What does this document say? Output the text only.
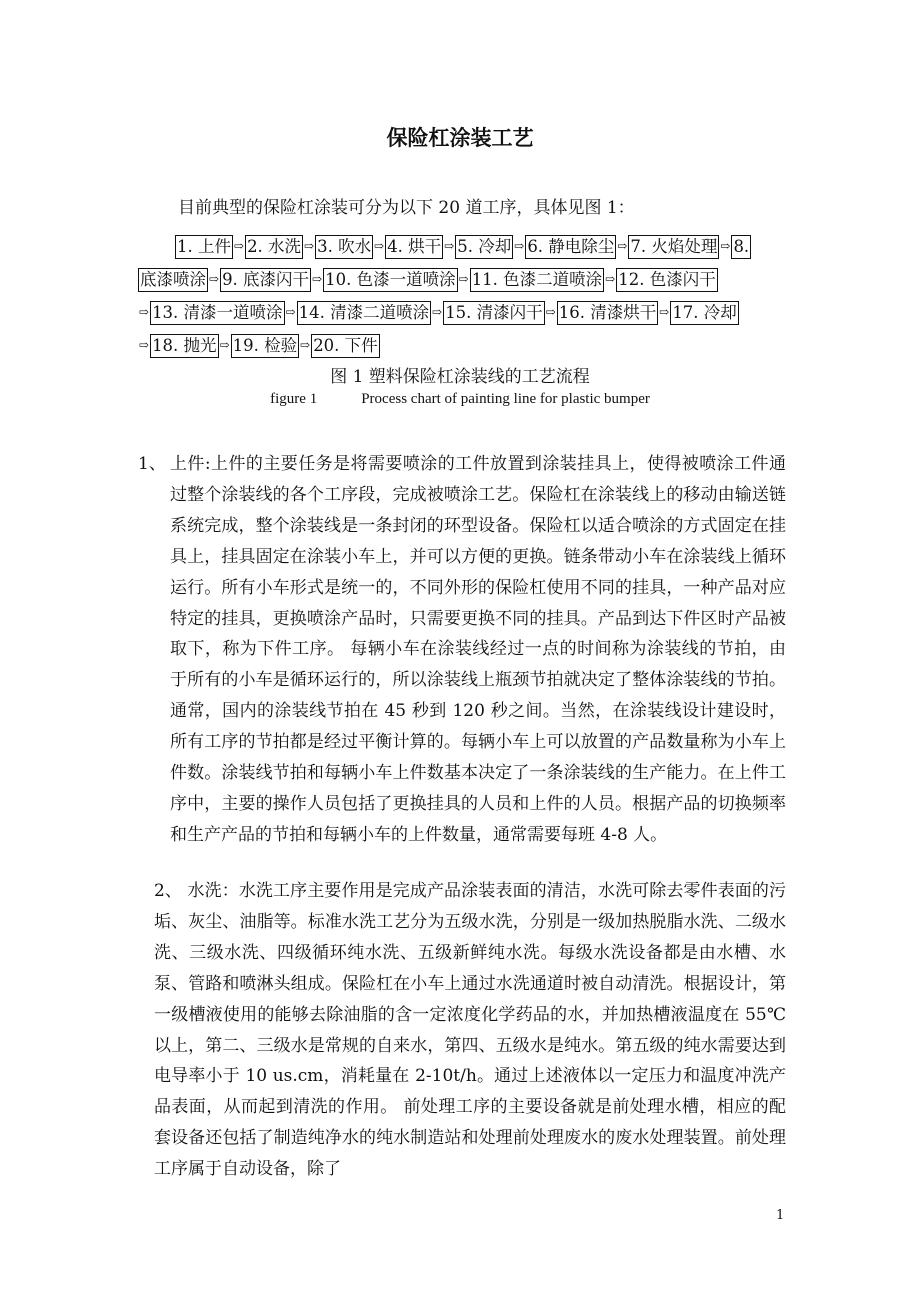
保险杠涂装工艺
目前典型的保险杠涂装可分为以下 20 道工序，具体见图 1：
1. 上件 ⇨ 2. 水洗 ⇨ 3. 吹水 ⇨ 4. 烘干 ⇨ 5. 冷却 ⇨ 6. 静电除尘 ⇨ 7. 火焰处理 ⇨ 8.
底漆喷涂 ⇨ 9. 底漆闪干 ⇨ 10. 色漆一道喷涂 ⇨ 11. 色漆二道喷涂 ⇨ 12. 色漆闪干
⇨ 13. 清漆一道喷涂 ⇨ 14. 清漆二道喷涂 ⇨ 15. 清漆闪干 ⇨ 16. 清漆烘干 ⇨ 17. 冷却
⇨ 18. 抛光 ⇨ 19. 检验 ⇨ 20. 下件
图 1 塑料保险杠涂装线的工艺流程
figure 1	Process chart of painting line for plastic bumper
1、 上件:上件的主要任务是将需要喷涂的工件放置到涂装挂具上，使得被喷涂工件通过整个涂装线的各个工序段，完成被喷涂工艺。保险杠在涂装线上的移动由输送链系统完成，整个涂装线是一条封闭的环型设备。保险杠以适合喷涂的方式固定在挂具上，挂具固定在涂装小车上，并可以方便的更换。链条带动小车在涂装线上循环运行。所有小车形式是统一的，不同外形的保险杠使用不同的挂具，一种产品对应特定的挂具，更换喷涂产品时，只需要更换不同的挂具。产品到达下件区时产品被取下，称为下件工序。 每辆小车在涂装线经过一点的时间称为涂装线的节拍，由于所有的小车是循环运行的，所以涂装线上瓶颈节拍就决定了整体涂装线的节拍。通常，国内的涂装线节拍在 45 秒到 120 秒之间。当然，在涂装线设计建设时，所有工序的节拍都是经过平衡计算的。每辆小车上可以放置的产品数量称为小车上件数。涂装线节拍和每辆小车上件数基本决定了一条涂装线的生产能力。在上件工序中，主要的操作人员包括了更换挂具的人员和上件的人员。根据产品的切换频率和生产产品的节拍和每辆小车的上件数量，通常需要每班 4-8 人。
2、 水洗：水洗工序主要作用是完成产品涂装表面的清洁，水洗可除去零件表面的污垢、灰尘、油脂等。标准水洗工艺分为五级水洗，分别是一级加热脱脂水洗、二级水洗、三级水洗、四级循环纯水洗、五级新鲜纯水洗。每级水洗设备都是由水槽、水泵、管路和喷淋头组成。保险杠在小车上通过水洗通道时被自动清洗。根据设计，第一级槽液使用的能够去除油脂的含一定浓度化学药品的水，并加热槽液温度在 55℃以上，第二、三级水是常规的自来水，第四、五级水是纯水。第五级的纯水需要达到电导率小于 10 us.cm，消耗量在 2-10t/h。通过上述液体以一定压力和温度冲洗产品表面，从而起到清洗的作用。 前处理工序的主要设备就是前处理水槽，相应的配套设备还包括了制造纯净水的纯水制造站和处理前处理废水的废水处理装置。前处理工序属于自动设备，除了
1
